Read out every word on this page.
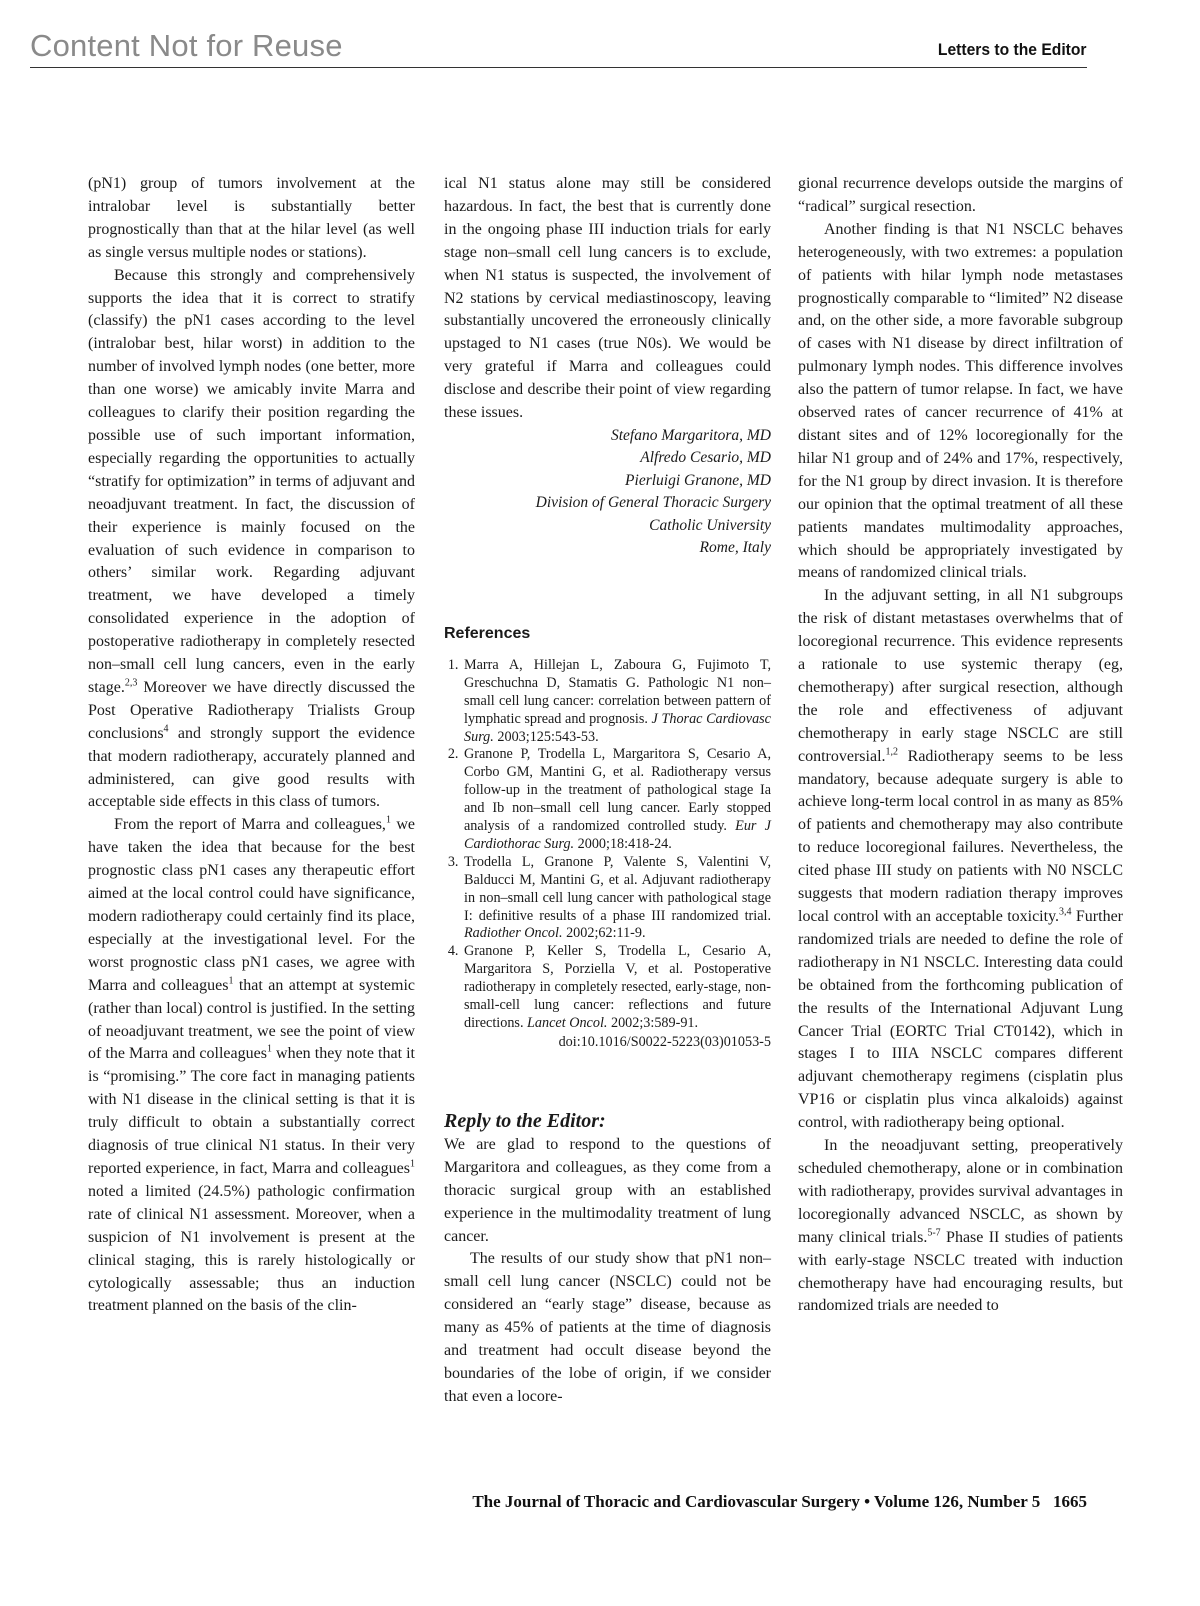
Content Not for Reuse	Letters to the Editor

(pN1) group of tumors involvement at the intralobar level is substantially better prognostically than that at the hilar level (as well as single versus multiple nodes or stations).

Because this strongly and comprehensively supports the idea that it is correct to stratify (classify) the pN1 cases according to the level (intralobar best, hilar worst) in addition to the number of involved lymph nodes (one better, more than one worse) we amicably invite Marra and colleagues to clarify their position regarding the possible use of such important information, especially regarding the opportunities to actually “stratify for optimization” in terms of adjuvant and neoadjuvant treatment. In fact, the discussion of their experience is mainly focused on the evaluation of such evidence in comparison to others’ similar work. Regarding adjuvant treatment, we have developed a timely consolidated experience in the adoption of postoperative radiotherapy in completely resected non–small cell lung cancers, even in the early stage.$^{2,3}$ Moreover we have directly discussed the Post Operative Radiotherapy Trialists Group conclusions$^4$ and strongly support the evidence that modern radiotherapy, accurately planned and administered, can give good results with acceptable side effects in this class of tumors.

From the report of Marra and colleagues,$^1$ we have taken the idea that because for the best prognostic class pN1 cases any therapeutic effort aimed at the local control could have significance, modern radiotherapy could certainly find its place, especially at the investigational level. For the worst prognostic class pN1 cases, we agree with Marra and colleagues$^1$ that an attempt at systemic (rather than local) control is justified. In the setting of neoadjuvant treatment, we see the point of view of the Marra and colleagues$^1$ when they note that it is “promising.” The core fact in managing patients with N1 disease in the clinical setting is that it is truly difficult to obtain a substantially correct diagnosis of true clinical N1 status. In their very reported experience, in fact, Marra and colleagues$^1$ noted a limited (24.5%) pathologic confirmation rate of clinical N1 assessment. Moreover, when a suspicion of N1 involvement is present at the clinical staging, this is rarely histologically or cytologically assessable; thus an induction treatment planned on the basis of the clin-

ical N1 status alone may still be considered hazardous. In fact, the best that is currently done in the ongoing phase III induction trials for early stage non–small cell lung cancers is to exclude, when N1 status is suspected, the involvement of N2 stations by cervical mediastinoscopy, leaving substantially uncovered the erroneously clinically upstaged to N1 cases (true N0s). We would be very grateful if Marra and colleagues could disclose and describe their point of view regarding these issues.

Stefano Margaritora, MD
Alfredo Cesario, MD
Pierluigi Granone, MD
Division of General Thoracic Surgery
Catholic University
Rome, Italy
References
1. Marra A, Hillejan L, Zaboura G, Fujimoto T, Greschuchna D, Stamatis G. Pathologic N1 non–small cell lung cancer: correlation between pattern of lymphatic spread and prognosis. J Thorac Cardiovasc Surg. 2003;125:543-53.
2. Granone P, Trodella L, Margaritora S, Cesario A, Corbo GM, Mantini G, et al. Radiotherapy versus follow-up in the treatment of pathological stage Ia and Ib non–small cell lung cancer. Early stopped analysis of a randomized controlled study. Eur J Cardiothorac Surg. 2000;18:418-24.
3. Trodella L, Granone P, Valente S, Valentini V, Balducci M, Mantini G, et al. Adjuvant radiotherapy in non–small cell lung cancer with pathological stage I: definitive results of a phase III randomized trial. Radiother Oncol. 2002;62:11-9.
4. Granone P, Keller S, Trodella L, Cesario A, Margaritora S, Porziella V, et al. Postoperative radiotherapy in completely resected, early-stage, non-small-cell lung cancer: reflections and future directions. Lancet Oncol. 2002;3:589-91.
doi:10.1016/S0022-5223(03)01053-5
Reply to the Editor:

We are glad to respond to the questions of Margaritora and colleagues, as they come from a thoracic surgical group with an established experience in the multimodality treatment of lung cancer.

The results of our study show that pN1 non–small cell lung cancer (NSCLC) could not be considered an “early stage” disease, because as many as 45% of patients at the time of diagnosis and treatment had occult disease beyond the boundaries of the lobe of origin, if we consider that even a locore-

gional recurrence develops outside the margins of “radical” surgical resection.

Another finding is that N1 NSCLC behaves heterogeneously, with two extremes: a population of patients with hilar lymph node metastases prognostically comparable to “limited” N2 disease and, on the other side, a more favorable subgroup of cases with N1 disease by direct infiltration of pulmonary lymph nodes. This difference involves also the pattern of tumor relapse. In fact, we have observed rates of cancer recurrence of 41% at distant sites and of 12% locoregionally for the hilar N1 group and of 24% and 17%, respectively, for the N1 group by direct invasion. It is therefore our opinion that the optimal treatment of all these patients mandates multimodality approaches, which should be appropriately investigated by means of randomized clinical trials.

In the adjuvant setting, in all N1 subgroups the risk of distant metastases overwhelms that of locoregional recurrence. This evidence represents a rationale to use systemic therapy (eg, chemotherapy) after surgical resection, although the role and effectiveness of adjuvant chemotherapy in early stage NSCLC are still controversial.$^{1,2}$ Radiotherapy seems to be less mandatory, because adequate surgery is able to achieve long-term local control in as many as 85% of patients and chemotherapy may also contribute to reduce locoregional failures. Nevertheless, the cited phase III study on patients with N0 NSCLC suggests that modern radiation therapy improves local control with an acceptable toxicity.$^{3,4}$ Further randomized trials are needed to define the role of radiotherapy in N1 NSCLC. Interesting data could be obtained from the forthcoming publication of the results of the International Adjuvant Lung Cancer Trial (EORTC Trial CT0142), which in stages I to IIIA NSCLC compares different adjuvant chemotherapy regimens (cisplatin plus VP16 or cisplatin plus vinca alkaloids) against control, with radiotherapy being optional.

In the neoadjuvant setting, preoperatively scheduled chemotherapy, alone or in combination with radiotherapy, provides survival advantages in locoregionally advanced NSCLC, as shown by many clinical trials.$^{5-7}$ Phase II studies of patients with early-stage NSCLC treated with induction chemotherapy have had encouraging results, but randomized trials are needed to

The Journal of Thoracic and Cardiovascular Surgery • Volume 126, Number 5 1665
